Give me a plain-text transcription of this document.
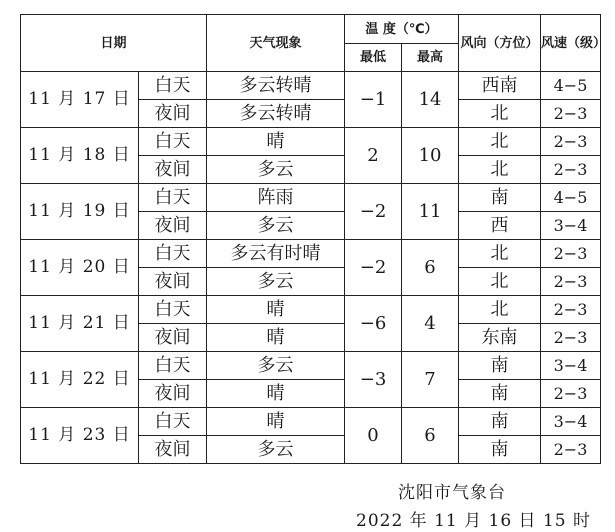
日期		天气现象	温 度（℃）		风向（方位）	风速（级）
			最低	最高		
11 月 17 日	白天	多云转晴	−1	14	西南	4−5
	夜间	多云转晴			北	2−3
11 月 18 日	白天	晴	2	10	北	2−3
	夜间	多云			北	2−3
11 月 19 日	白天	阵雨	−2	11	南	4−5
	夜间	多云			西	3−4
11 月 20 日	白天	多云有时晴	−2	6	北	2−3
	夜间	多云			北	2−3
11 月 21 日	白天	晴	−6	4	北	2−3
	夜间	晴			东南	2−3
11 月 22 日	白天	多云	−3	7	南	3−4
	夜间	晴			南	2−3
11 月 23 日	白天	晴	0	6	南	3−4
	夜间	多云			南	2−3
沈阳市气象台
2022 年 11 月 16 日 15 时
